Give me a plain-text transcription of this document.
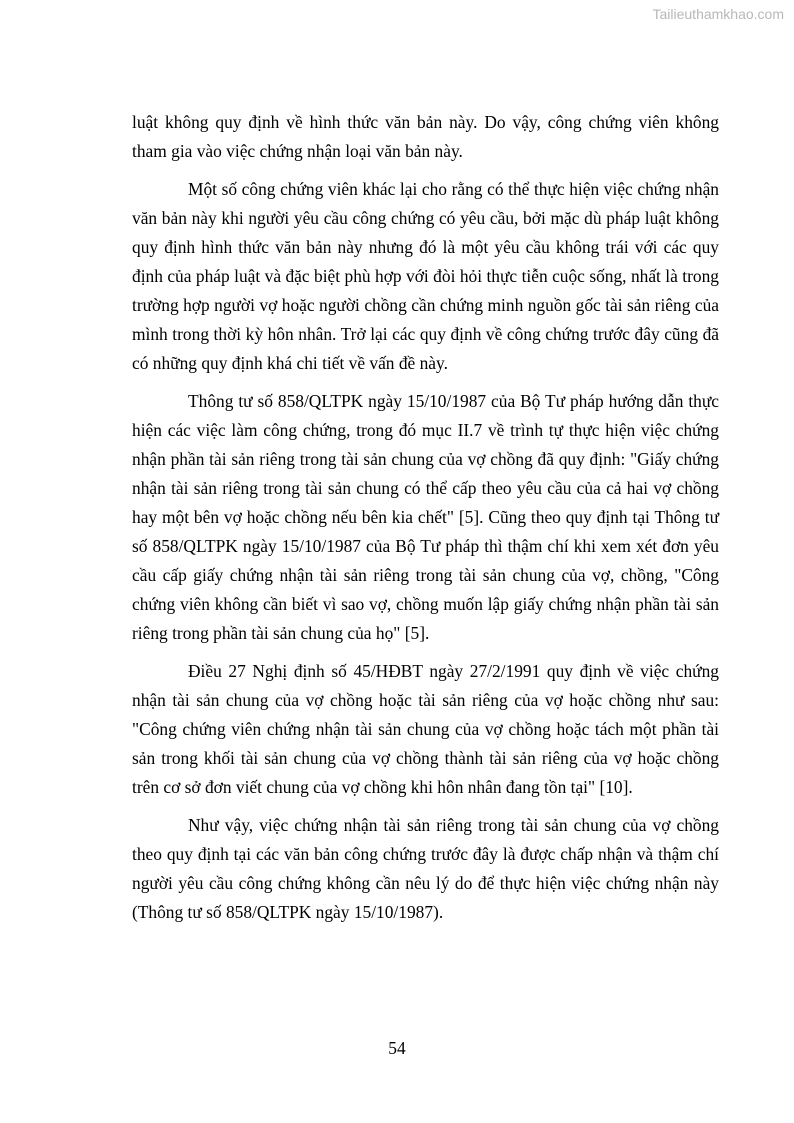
Tailieuthamkhao.com

luật không quy định về hình thức văn bản này. Do vậy, công chứng viên không tham gia vào việc chứng nhận loại văn bản này.

Một số công chứng viên khác lại cho rằng có thể thực hiện việc chứng nhận văn bản này khi người yêu cầu công chứng có yêu cầu, bởi mặc dù pháp luật không quy định hình thức văn bản này nhưng đó là một yêu cầu không trái với các quy định của pháp luật và đặc biệt phù hợp với đòi hỏi thực tiễn cuộc sống, nhất là trong trường hợp người vợ hoặc người chồng cần chứng minh nguồn gốc tài sản riêng của mình trong thời kỳ hôn nhân. Trở lại các quy định về công chứng trước đây cũng đã có những quy định khá chi tiết về vấn đề này.

Thông tư số 858/QLTPK ngày 15/10/1987 của Bộ Tư pháp hướng dẫn thực hiện các việc làm công chứng, trong đó mục II.7 về trình tự thực hiện việc chứng nhận phần tài sản riêng trong tài sản chung của vợ chồng đã quy định: "Giấy chứng nhận tài sản riêng trong tài sản chung có thể cấp theo yêu cầu của cả hai vợ chồng hay một bên vợ hoặc chồng nếu bên kia chết" [5]. Cũng theo quy định tại Thông tư số 858/QLTPK ngày 15/10/1987 của Bộ Tư pháp thì thậm chí khi xem xét đơn yêu cầu cấp giấy chứng nhận tài sản riêng trong tài sản chung của vợ, chồng, "Công chứng viên không cần biết vì sao vợ, chồng muốn lập giấy chứng nhận phần tài sản riêng trong phần tài sản chung của họ" [5].

Điều 27 Nghị định số 45/HĐBT ngày 27/2/1991 quy định về việc chứng nhận tài sản chung của vợ chồng hoặc tài sản riêng của vợ hoặc chồng như sau: "Công chứng viên chứng nhận tài sản chung của vợ chồng hoặc tách một phần tài sản trong khối tài sản chung của vợ chồng thành tài sản riêng của vợ hoặc chồng trên cơ sở đơn viết chung của vợ chồng khi hôn nhân đang tồn tại" [10].

Như vậy, việc chứng nhận tài sản riêng trong tài sản chung của vợ chồng theo quy định tại các văn bản công chứng trước đây là được chấp nhận và thậm chí người yêu cầu công chứng không cần nêu lý do để thực hiện việc chứng nhận này (Thông tư số 858/QLTPK ngày 15/10/1987).

54
